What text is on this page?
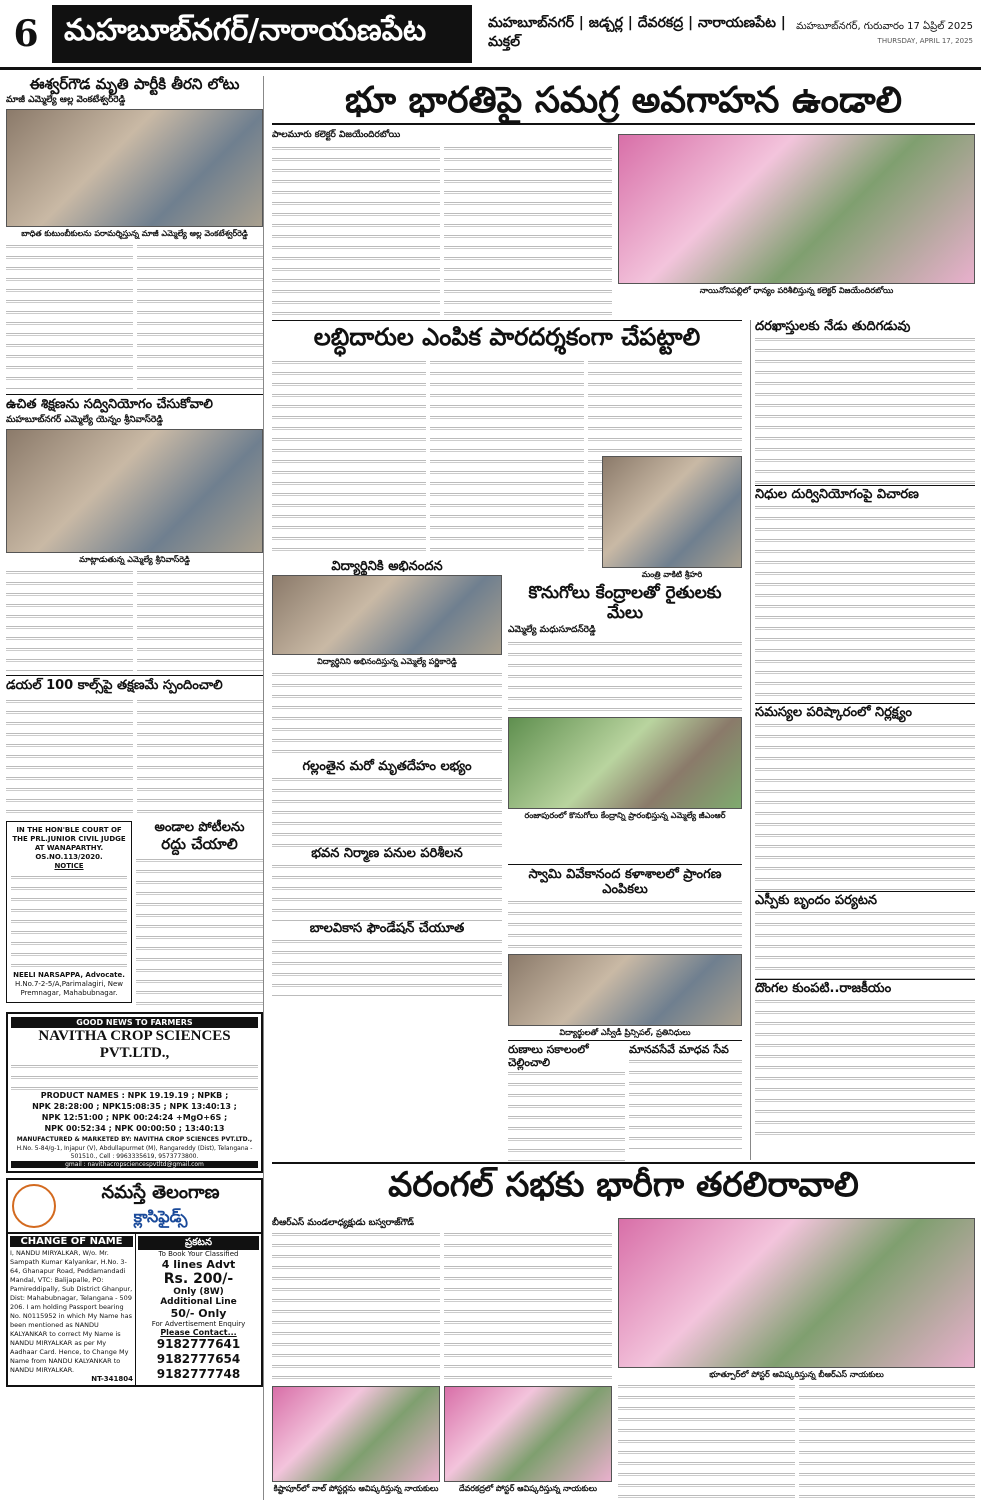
6 మహబూబ్‌నగర్/నారాయణపేట	మహబూబ్‌నగర్ | జడ్చర్ల | దేవరకద్ర | నారాయణపేట | మక్తల్
మహబూబ్‌నగర్, గురువారం 17 ఏప్రిల్ 2025
THURSDAY, APRIL 17, 2025
ఈశ్వర్‌గౌడ మృతి పార్టీకి తీరని లోటు
మాజీ ఎమ్మెల్యే ఆల్ల వెంకటేశ్వర్‌రెడ్డి
బాధిత కుటుంబీకులను పరామర్శిస్తున్న మాజీ ఎమ్మెల్యే ఆల్ల వెంకటేశ్వర్‌రెడ్డి
ఉచిత శిక్షణను సద్వినియోగం చేసుకోవాలి
మహబూబ్‌నగర్ ఎమ్మెల్యే యెన్నం శ్రీనివాస్‌రెడ్డి
మాట్లాడుతున్న ఎమ్మెల్యే శ్రీనివాస్‌రెడ్డి
డయల్ 100 కాల్స్‌పై తక్షణమే స్పందించాలి
IN THE HON'BLE COURT OF THE PRL.JUNIOR CIVIL JUDGE AT WANAPARTHY.
OS.NO.113/2020.
NOTICE
NEELI NARSAPPA, Advocate.
H.No.7-2-5/A,Parimalagiri, New Premnagar, Mahabubnagar.
అండాల పోటీలను
రద్దు చేయాలి
GOOD NEWS TO FARMERS
NAVITHA CROP SCIENCES PVT.LTD.,
PRODUCT NAMES : NPK 19.19.19 ; NPKB ;
NPK 28:28:00 ; NPK15:08:35 ; NPK 13:40:13 ;
NPK 12:51:00 ; NPK 00:24:24 +MgO+6S ;
NPK 00:52:34 ; NPK 00:00:50 ; 13:40:13
MANUFACTURED & MARKETED BY: NAVITHA CROP SCIENCES PVT.LTD.,
H.No. 5-84/g-1, Injapur (V), Abdullapurmet (M), Rangareddy (Dist), Telangana - 501510., Cell : 9963335619, 9573773800.
gmail : navithacropsciencespvtltd@gmail.com
నమస్తే తెలంగాణ
క్లాసిఫైడ్స్
CHANGE OF NAME
I, NANDU MIRYALKAR, W/o. Mr. Sampath Kumar Kalyankar, H.No. 3-64, Ghanapur Road, Peddamandadi Mandal, VTC: Balijapalle, PO: Pamireddipally, Sub District Ghanpur, Dist: Mahabubnagar, Telangana - 509 206. I am holding Passport bearing No. N0115952 in which My Name has been mentioned as NANDU KALYANKAR to correct My Name is NANDU MIRYALKAR as per My Aadhaar Card. Hence, to Change My Name from NANDU KALYANKAR to NANDU MIRYALKAR.
NT-341804
ప్రకటన
To Book Your Classified
4 lines Advt
Rs. 200/-
Only (8W)
Additional Line
50/- Only
For Advertisement Enquiry
Please Contact...
9182777641
9182777654
9182777748
భూ భారతిపై సమగ్ర అవగాహన ఉండాలి
పాలమూరు కలెక్టర్ విజయేందిరబోయి
నాయినోనిపల్లిలో ధాన్యం పరిశీలిస్తున్న కలెక్టర్ విజయేందిరబోయి
లబ్ధిదారుల ఎంపిక పారదర్శకంగా చేపట్టాలి
మంత్రి వాకిటి శ్రీహరి
విద్యార్థినికి అభినందన
విద్యార్థినిని అభినందిస్తున్న ఎమ్మెల్యే పర్ణికారెడ్డి
గల్లంతైన మరో మృతదేహం లభ్యం
భవన నిర్మాణ పనుల పరిశీలన
బాలవికాస ఫౌండేషన్ చేయూత
కొనుగోలు కేంద్రాలతో రైతులకు మేలు
ఎమ్మెల్యే మధుసూదన్‌రెడ్డి
రంజాపురంలో కొనుగోలు కేంద్రాన్ని ప్రారంభిస్తున్న ఎమ్మెల్యే జీఎంఆర్
స్వామి వివేకానంద కళాశాలలో ప్రాంగణ ఎంపికలు
విద్యార్థులతో ఎస్వీడీ ప్రిన్సిపల్, ప్రతినిధులు
రుణాలు సకాలంలో చెల్లించాలి
మానవసేవే మాధవ సేవ
దరఖాస్తులకు నేడు తుదిగడువు
నిధుల దుర్వినియోగంపై విచారణ
సమస్యల పరిష్కారంలో నిర్లక్ష్యం
ఎస్పీకు బృందం పర్యటన
దొంగల కుంపటి..రాజకీయం
వరంగల్ సభకు భారీగా తరలిరావాలి
బీఆర్ఎస్ మండలాధ్యక్షుడు బస్వరాజ్‌గౌడ్
భూత్పూర్‌లో పోస్టర్ ఆవిష్కరిస్తున్న బీఆర్ఎస్ నాయకులు
కిష్టాపూర్‌లో వాల్ పోస్టర్లను ఆవిష్కరిస్తున్న నాయకులు	దేవరకద్రలో పోస్టర్ ఆవిష్కరిస్తున్న నాయకులు
